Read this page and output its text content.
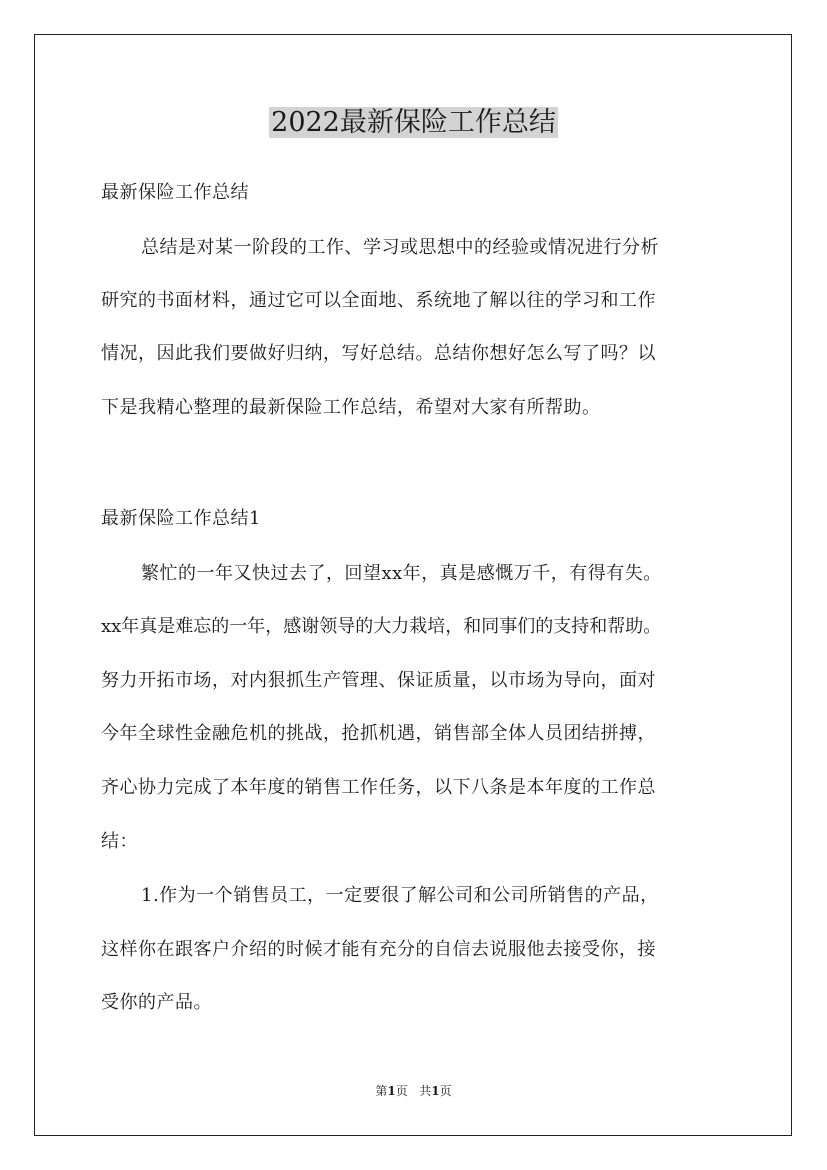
2022最新保险工作总结
最新保险工作总结
总结是对某一阶段的工作、学习或思想中的经验或情况进行分析
研究的书面材料，通过它可以全面地、系统地了解以往的学习和工作
情况，因此我们要做好归纳，写好总结。总结你想好怎么写了吗？以
下是我精心整理的最新保险工作总结，希望对大家有所帮助。
最新保险工作总结1
繁忙的一年又快过去了，回望xx年，真是感慨万千，有得有失。
xx年真是难忘的一年，感谢领导的大力栽培，和同事们的支持和帮助。
努力开拓市场，对内狠抓生产管理、保证质量，以市场为导向，面对
今年全球性金融危机的挑战，抢抓机遇，销售部全体人员团结拼搏，
齐心协力完成了本年度的销售工作任务，以下八条是本年度的工作总
结：
1.作为一个销售员工，一定要很了解公司和公司所销售的产品，
这样你在跟客户介绍的时候才能有充分的自信去说服他去接受你，接
受你的产品。
第1页 共1页
